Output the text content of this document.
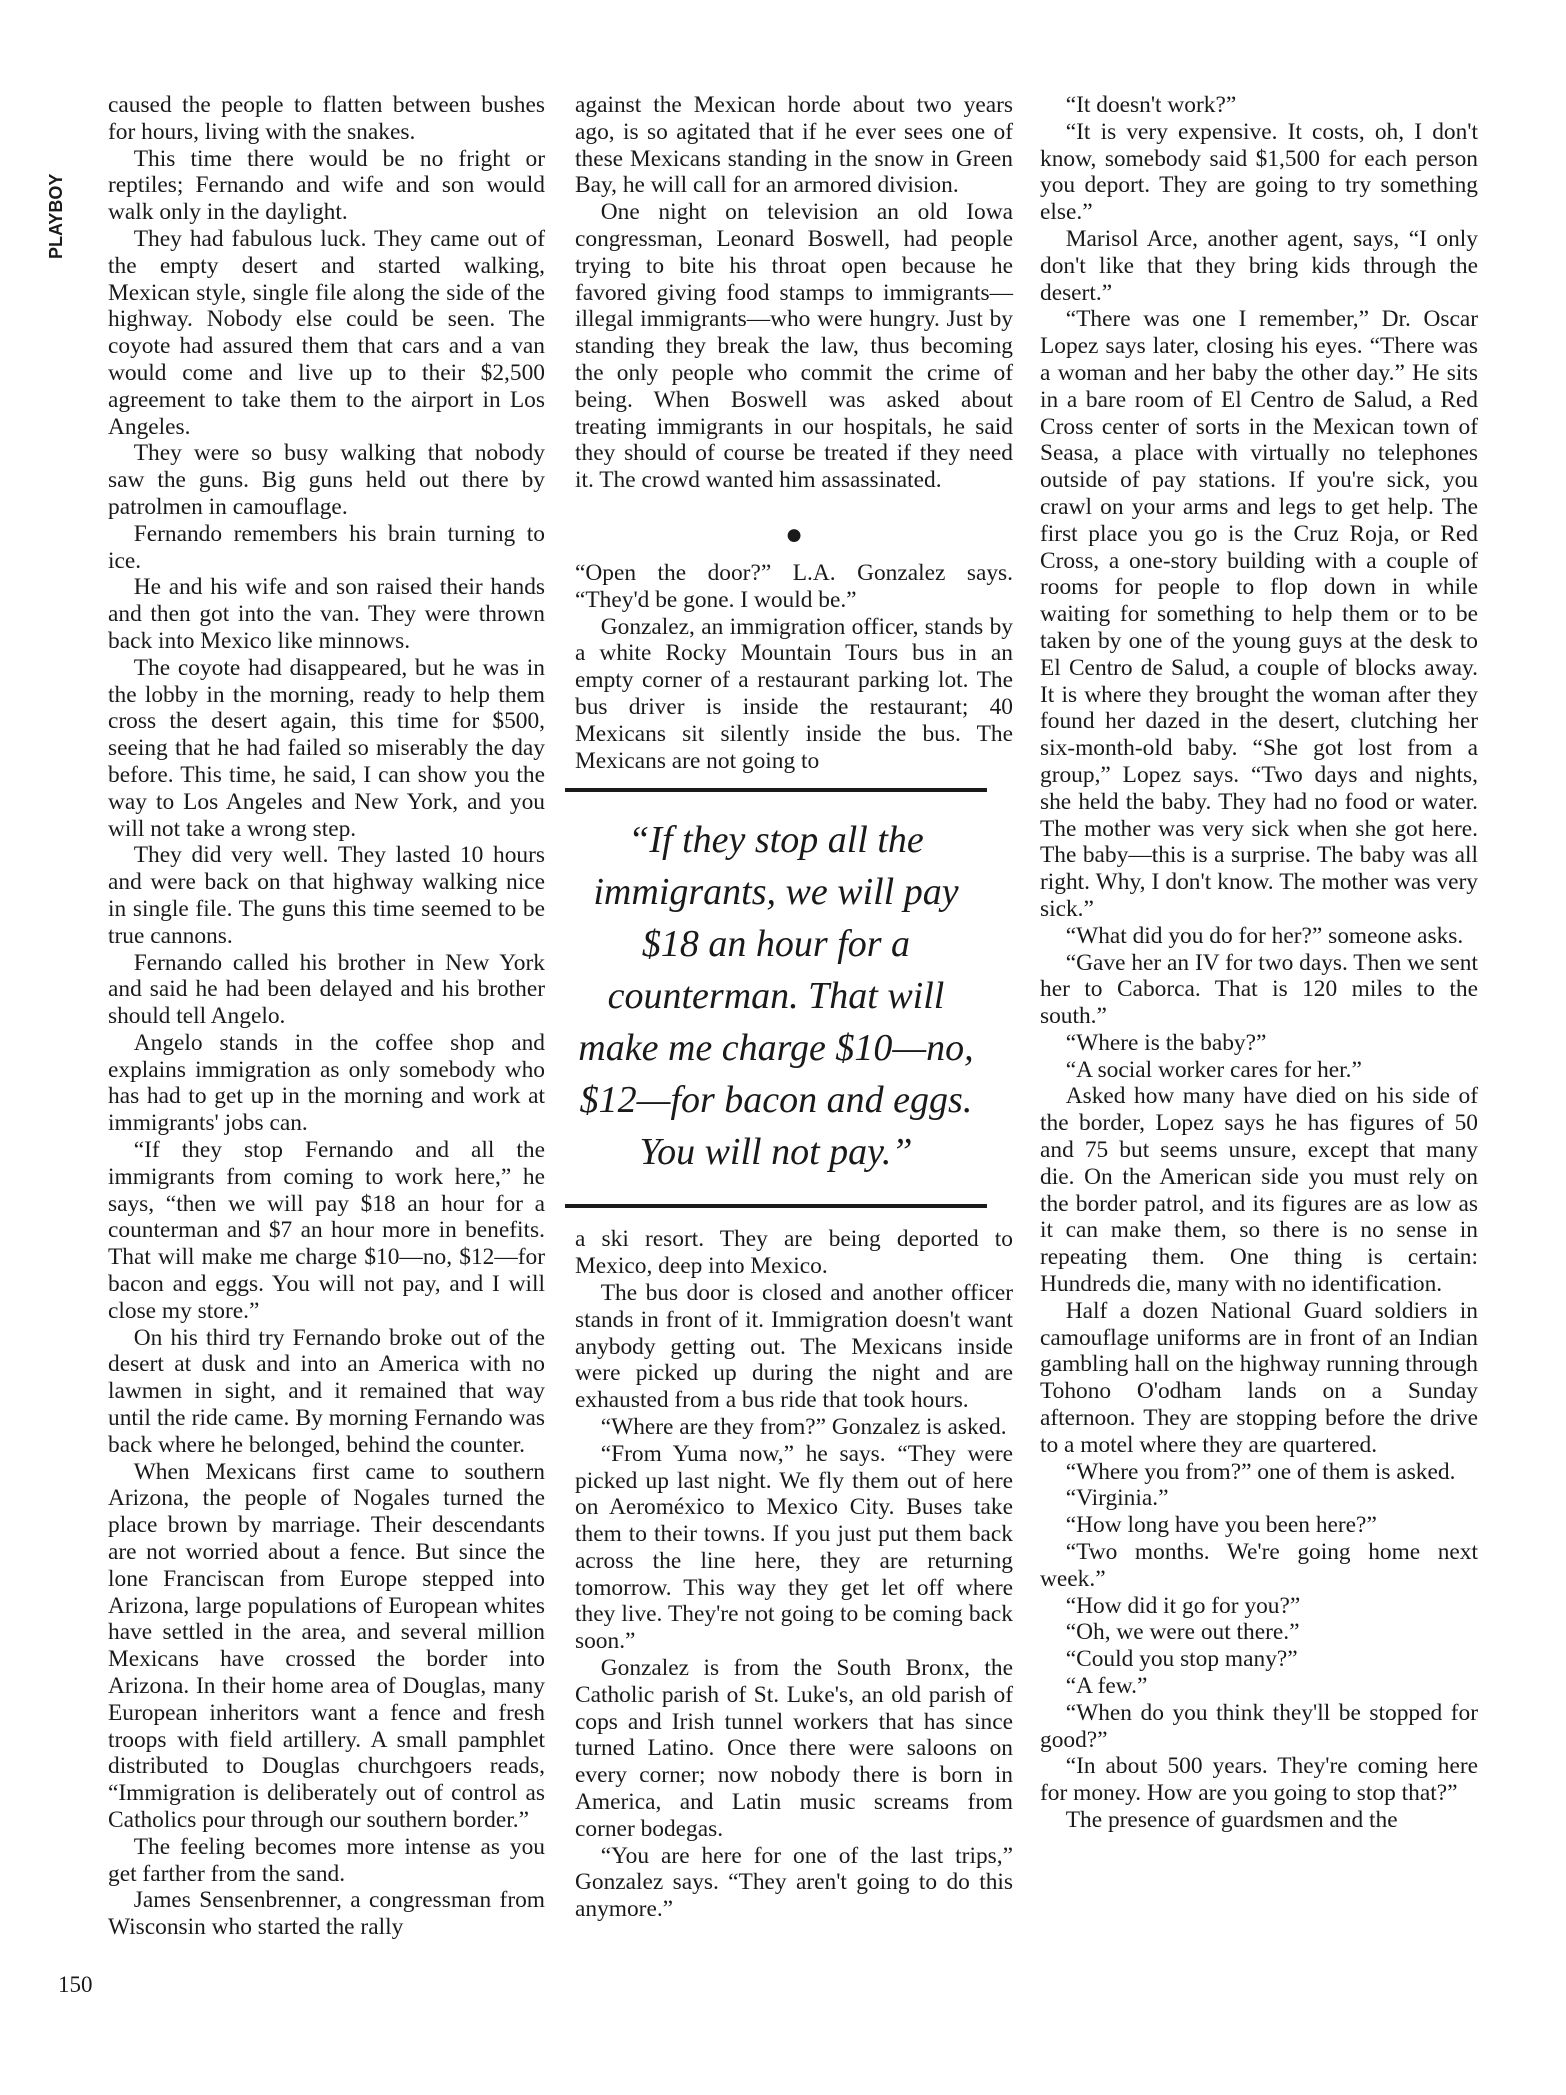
PLAYBOY

caused the people to flatten between bushes for hours, living with the snakes.

This time there would be no fright or reptiles; Fernando and wife and son would walk only in the daylight.

They had fabulous luck. They came out of the empty desert and started walking, Mexican style, single file along the side of the highway. Nobody else could be seen. The coyote had assured them that cars and a van would come and live up to their $2,500 agreement to take them to the airport in Los Angeles.

They were so busy walking that nobody saw the guns. Big guns held out there by patrolmen in camouflage.

Fernando remembers his brain turning to ice.

He and his wife and son raised their hands and then got into the van. They were thrown back into Mexico like minnows.

The coyote had disappeared, but he was in the lobby in the morning, ready to help them cross the desert again, this time for $500, seeing that he had failed so miserably the day before. This time, he said, I can show you the way to Los Angeles and New York, and you will not take a wrong step.

They did very well. They lasted 10 hours and were back on that highway walking nice in single file. The guns this time seemed to be true cannons.

Fernando called his brother in New York and said he had been delayed and his brother should tell Angelo.

Angelo stands in the coffee shop and explains immigration as only somebody who has had to get up in the morning and work at immigrants' jobs can.

“If they stop Fernando and all the immigrants from coming to work here,” he says, “then we will pay $18 an hour for a counterman and $7 an hour more in benefits. That will make me charge $10—no, $12—for bacon and eggs. You will not pay, and I will close my store.”

On his third try Fernando broke out of the desert at dusk and into an America with no lawmen in sight, and it remained that way until the ride came. By morning Fernando was back where he belonged, behind the counter.

When Mexicans first came to southern Arizona, the people of Nogales turned the place brown by marriage. Their descendants are not worried about a fence. But since the lone Franciscan from Europe stepped into Arizona, large populations of European whites have settled in the area, and several million Mexicans have crossed the border into Arizona. In their home area of Douglas, many European inheritors want a fence and fresh troops with field artillery. A small pamphlet distributed to Douglas churchgoers reads, “Immigration is deliberately out of control as Catholics pour through our southern border.”

The feeling becomes more intense as you get farther from the sand.

James Sensenbrenner, a congressman from Wisconsin who started the rally

against the Mexican horde about two years ago, is so agitated that if he ever sees one of these Mexicans standing in the snow in Green Bay, he will call for an armored division.

One night on television an old Iowa congressman, Leonard Boswell, had people trying to bite his throat open because he favored giving food stamps to immigrants—illegal immigrants—who were hungry. Just by standing they break the law, thus becoming the only people who commit the crime of being. When Boswell was asked about treating immigrants in our hospitals, he said they should of course be treated if they need it. The crowd wanted him assassinated.

●

“Open the door?” L.A. Gonzalez says. “They'd be gone. I would be.”

Gonzalez, an immigration officer, stands by a white Rocky Mountain Tours bus in an empty corner of a restaurant parking lot. The bus driver is inside the restaurant; 40 Mexicans sit silently inside the bus. The Mexicans are not going to

“If they stop all the immigrants, we will pay $18 an hour for a counterman. That will make me charge $10—no, $12—for bacon and eggs. You will not pay.”

a ski resort. They are being deported to Mexico, deep into Mexico.

The bus door is closed and another officer stands in front of it. Immigration doesn't want anybody getting out. The Mexicans inside were picked up during the night and are exhausted from a bus ride that took hours.

“Where are they from?” Gonzalez is asked.

“From Yuma now,” he says. “They were picked up last night. We fly them out of here on Aeroméxico to Mexico City. Buses take them to their towns. If you just put them back across the line here, they are returning tomorrow. This way they get let off where they live. They're not going to be coming back soon.”

Gonzalez is from the South Bronx, the Catholic parish of St. Luke's, an old parish of cops and Irish tunnel workers that has since turned Latino. Once there were saloons on every corner; now nobody there is born in America, and Latin music screams from corner bodegas.

“You are here for one of the last trips,” Gonzalez says. “They aren't going to do this anymore.”

“It doesn't work?”

“It is very expensive. It costs, oh, I don't know, somebody said $1,500 for each person you deport. They are going to try something else.”

Marisol Arce, another agent, says, “I only don't like that they bring kids through the desert.”

“There was one I remember,” Dr. Oscar Lopez says later, closing his eyes. “There was a woman and her baby the other day.” He sits in a bare room of El Centro de Salud, a Red Cross center of sorts in the Mexican town of Seasa, a place with virtually no telephones outside of pay stations. If you're sick, you crawl on your arms and legs to get help. The first place you go is the Cruz Roja, or Red Cross, a one-story building with a couple of rooms for people to flop down in while waiting for something to help them or to be taken by one of the young guys at the desk to El Centro de Salud, a couple of blocks away. It is where they brought the woman after they found her dazed in the desert, clutching her six-month-old baby. “She got lost from a group,” Lopez says. “Two days and nights, she held the baby. They had no food or water. The mother was very sick when she got here. The baby—this is a surprise. The baby was all right. Why, I don't know. The mother was very sick.”

“What did you do for her?” someone asks.

“Gave her an IV for two days. Then we sent her to Caborca. That is 120 miles to the south.”

“Where is the baby?”

“A social worker cares for her.”

Asked how many have died on his side of the border, Lopez says he has figures of 50 and 75 but seems unsure, except that many die. On the American side you must rely on the border patrol, and its figures are as low as it can make them, so there is no sense in repeating them. One thing is certain: Hundreds die, many with no identification.

Half a dozen National Guard soldiers in camouflage uniforms are in front of an Indian gambling hall on the highway running through Tohono O'odham lands on a Sunday afternoon. They are stopping before the drive to a motel where they are quartered.

“Where you from?” one of them is asked.

“Virginia.”

“How long have you been here?”

“Two months. We're going home next week.”

“How did it go for you?”

“Oh, we were out there.”

“Could you stop many?”

“A few.”

“When do you think they'll be stopped for good?”

“In about 500 years. They're coming here for money. How are you going to stop that?”

The presence of guardsmen and the

150
